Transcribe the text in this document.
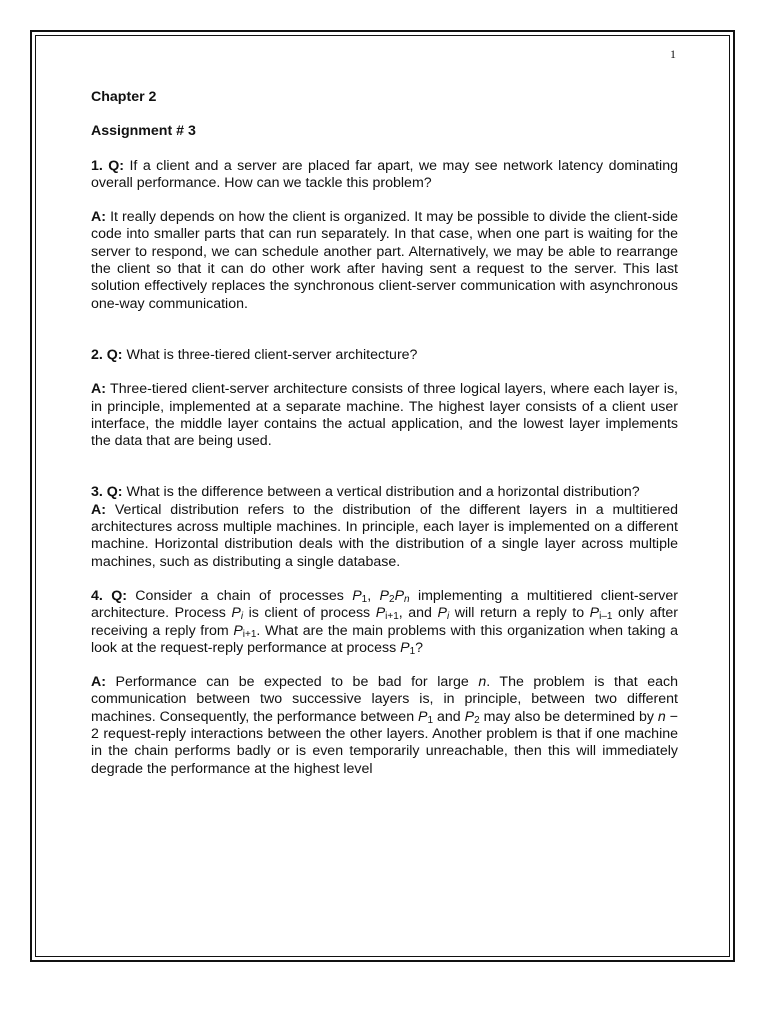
1

Chapter 2

Assignment # 3

1. Q: If a client and a server are placed far apart, we may see network latency dominating overall performance. How can we tackle this problem?

A: It really depends on how the client is organized. It may be possible to divide the client-side code into smaller parts that can run separately. In that case, when one part is waiting for the server to respond, we can schedule another part. Alternatively, we may be able to rearrange the client so that it can do other work after having sent a request to the server. This last solution effectively replaces the synchronous client-server communication with asynchronous one-way communication.

2. Q: What is three-tiered client-server architecture?

A: Three-tiered client-server architecture consists of three logical layers, where each layer is, in principle, implemented at a separate machine. The highest layer consists of a client user interface, the middle layer contains the actual application, and the lowest layer implements the data that are being used.

3. Q: What is the difference between a vertical distribution and a horizontal distribution?

A: Vertical distribution refers to the distribution of the different layers in a multitiered architectures across multiple machines. In principle, each layer is implemented on a different machine. Horizontal distribution deals with the distribution of a single layer across multiple machines, such as distributing a single database.

4. Q: Consider a chain of processes $P_1$, $P_2P_n$ implementing a multitiered client-server architecture. Process $P_i$ is client of process $P_{i+1}$, and $P_i$ will return a reply to $P_{i-1}$ only after receiving a reply from $P_{i+1}$. What are the main problems with this organization when taking a look at the request-reply performance at process $P_1$?

A: Performance can be expected to be bad for large n. The problem is that each communication between two successive layers is, in principle, between two different machines. Consequently, the performance between $P_1$ and $P_2$ may also be determined by n − 2 request-reply interactions between the other layers. Another problem is that if one machine in the chain performs badly or is even temporarily unreachable, then this will immediately degrade the performance at the highest level
